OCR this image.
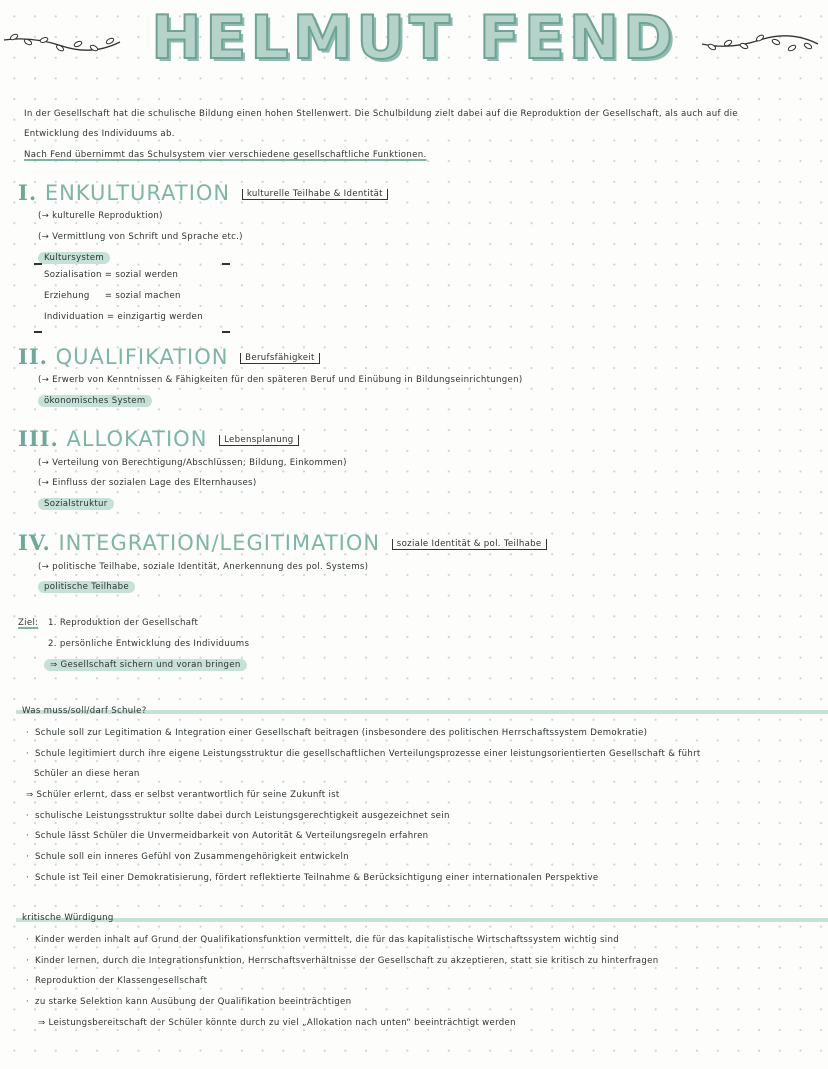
HELMUT FEND
In der Gesellschaft hat die schulische Bildung einen hohen Stellenwert. Die Schulbildung zielt dabei auf die Reproduktion der Gesellschaft, als auch auf die
Entwicklung des Individuums ab.
Nach Fend übernimmt das Schulsystem vier verschiedene gesellschaftliche Funktionen.
I. ENKULTURATION kulturelle Teilhabe & Identität
(→ kulturelle Reproduktion)
(→ Vermittlung von Schrift und Sprache etc.)
Kultursystem
Sozialisation = sozial werden
Erziehung     = sozial machen
Individuation = einzigartig werden
II. QUALIFIKATION Berufsfähigkeit
(→ Erwerb von Kenntnissen & Fähigkeiten für den späteren Beruf und Einübung in Bildungseinrichtungen)
ökonomisches System
III. ALLOKATION Lebensplanung
(→ Verteilung von Berechtigung/Abschlüssen; Bildung, Einkommen)
(→ Einfluss der sozialen Lage des Elternhauses)
Sozialstruktur
IV. INTEGRATION/LEGITIMATION soziale Identität & pol. Teilhabe
(→ politische Teilhabe, soziale Identität, Anerkennung des pol. Systems)
politische Teilhabe
Ziel: 1. Reproduktion der Gesellschaft
2. persönliche Entwicklung des Individuums
⇒ Gesellschaft sichern und voran bringen
Was muss/soll/darf Schule?
· Schule soll zur Legitimation & Integration einer Gesellschaft beitragen (insbesondere des politischen Herrschaftssystem Demokratie)
· Schule legitimiert durch ihre eigene Leistungsstruktur die gesellschaftlichen Verteilungsprozesse einer leistungsorientierten Gesellschaft & führt
Schüler an diese heran
⇒ Schüler erlernt, dass er selbst verantwortlich für seine Zukunft ist
· schulische Leistungsstruktur sollte dabei durch Leistungsgerechtigkeit ausgezeichnet sein
· Schule lässt Schüler die Unvermeidbarkeit von Autorität & Verteilungsregeln erfahren
· Schule soll ein inneres Gefühl von Zusammengehörigkeit entwickeln
· Schule ist Teil einer Demokratisierung, fördert reflektierte Teilnahme & Berücksichtigung einer internationalen Perspektive
kritische Würdigung
· Kinder werden inhalt auf Grund der Qualifikationsfunktion vermittelt, die für das kapitalistische Wirtschaftssystem wichtig sind
· Kinder lernen, durch die Integrationsfunktion, Herrschaftsverhältnisse der Gesellschaft zu akzeptieren, statt sie kritisch zu hinterfragen
· Reproduktion der Klassengesellschaft
· zu starke Selektion kann Ausübung der Qualifikation beeinträchtigen
⇒ Leistungsbereitschaft der Schüler könnte durch zu viel „Allokation nach unten“ beeinträchtigt werden
